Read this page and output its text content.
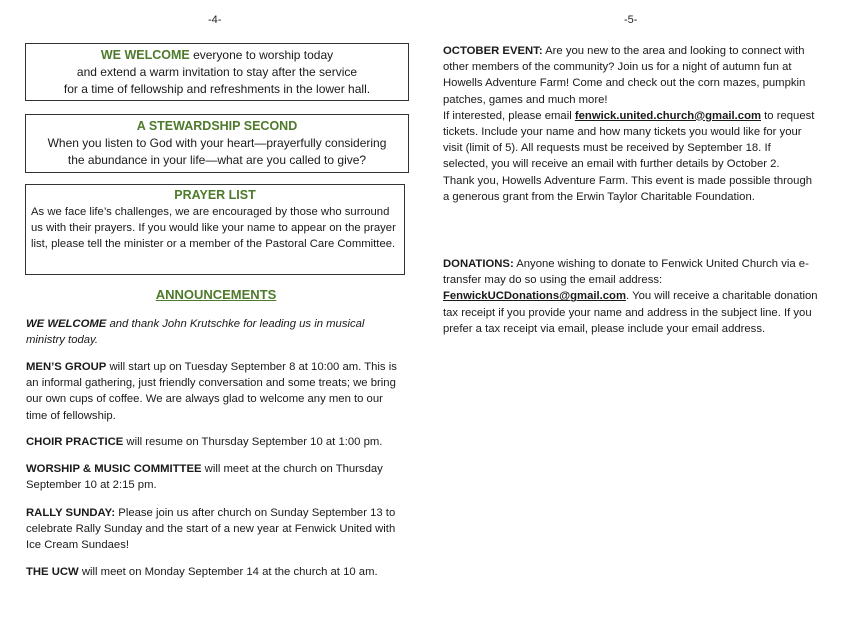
-4-	-5-
WE WELCOME everyone to worship today
and extend a warm invitation to stay after the service
for a time of fellowship and refreshments in the lower hall.
A STEWARDSHIP SECOND
When you listen to God with your heart—prayerfully considering
the abundance in your life—what are you called to give?
PRAYER LIST

As we face life’s challenges, we are encouraged by those who surround us with their prayers. If you would like your name to appear on the prayer list, please tell the minister or a member of the Pastoral Care Committee.

ANNOUNCEMENTS

WE WELCOME and thank John Krutschke for leading us in musical ministry today.

MEN’S GROUP will start up on Tuesday September 8 at 10:00 am. This is an informal gathering, just friendly conversation and some treats; we bring our own cups of coffee. We are always glad to welcome any men to our time of fellowship.

CHOIR PRACTICE will resume on Thursday September 10 at 1:00 pm.

WORSHIP & MUSIC COMMITTEE will meet at the church on Thursday September 10 at 2:15 pm.

RALLY SUNDAY: Please join us after church on Sunday September 13 to celebrate Rally Sunday and the start of a new year at Fenwick United with Ice Cream Sundaes!

THE UCW will meet on Monday September 14 at the church at 10 am.

OCTOBER EVENT: Are you new to the area and looking to connect with other members of the community? Join us for a night of autumn fun at Howells Adventure Farm! Come and check out the corn mazes, pumpkin patches, games and much more!

If interested, please email fenwick.united.church@gmail.com to request tickets. Include your name and how many tickets you would like for your visit (limit of 5). All requests must be received by September 18. If selected, you will receive an email with further details by October 2.

Thank you, Howells Adventure Farm. This event is made possible through a generous grant from the Erwin Taylor Charitable Foundation.

DONATIONS: Anyone wishing to donate to Fenwick United Church via e-transfer may do so using the email address: FenwickUCDonations@gmail.com. You will receive a charitable donation tax receipt if you provide your name and address in the subject line. If you prefer a tax receipt via email, please include your email address.
